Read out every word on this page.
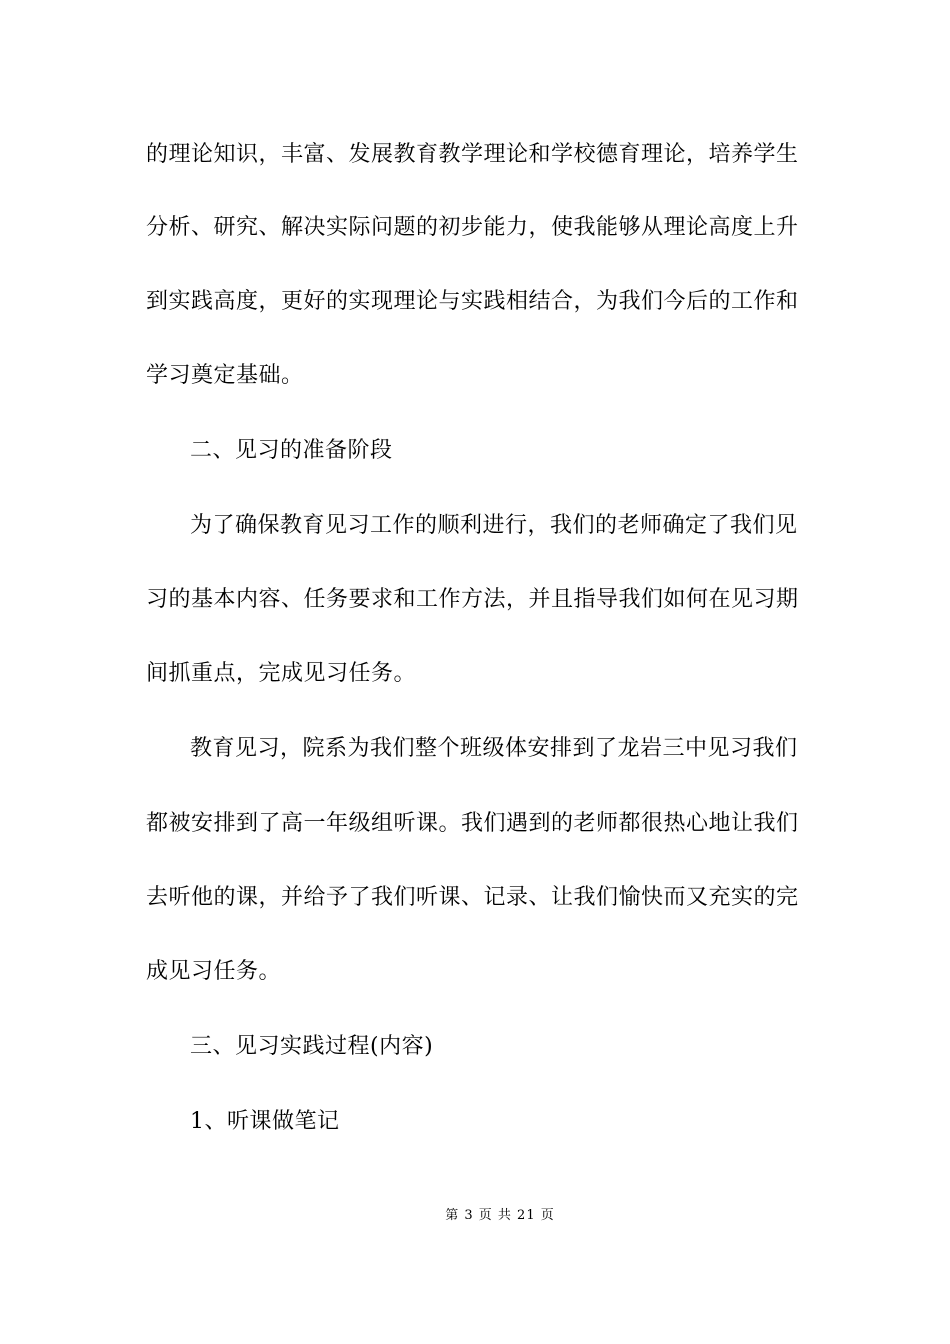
的理论知识，丰富、发展教育教学理论和学校德育理论，培养学生
分析、研究、解决实际问题的初步能力，使我能够从理论高度上升
到实践高度，更好的实现理论与实践相结合，为我们今后的工作和
学习奠定基础。
二、见习的准备阶段
为了确保教育见习工作的顺利进行，我们的老师确定了我们见
习的基本内容、任务要求和工作方法，并且指导我们如何在见习期
间抓重点，完成见习任务。
教育见习，院系为我们整个班级体安排到了龙岩三中见习我们
都被安排到了高一年级组听课。我们遇到的老师都很热心地让我们
去听他的课，并给予了我们听课、记录、让我们愉快而又充实的完
成见习任务。
三、见习实践过程(内容)
1、听课做笔记
第 3 页 共 21 页
